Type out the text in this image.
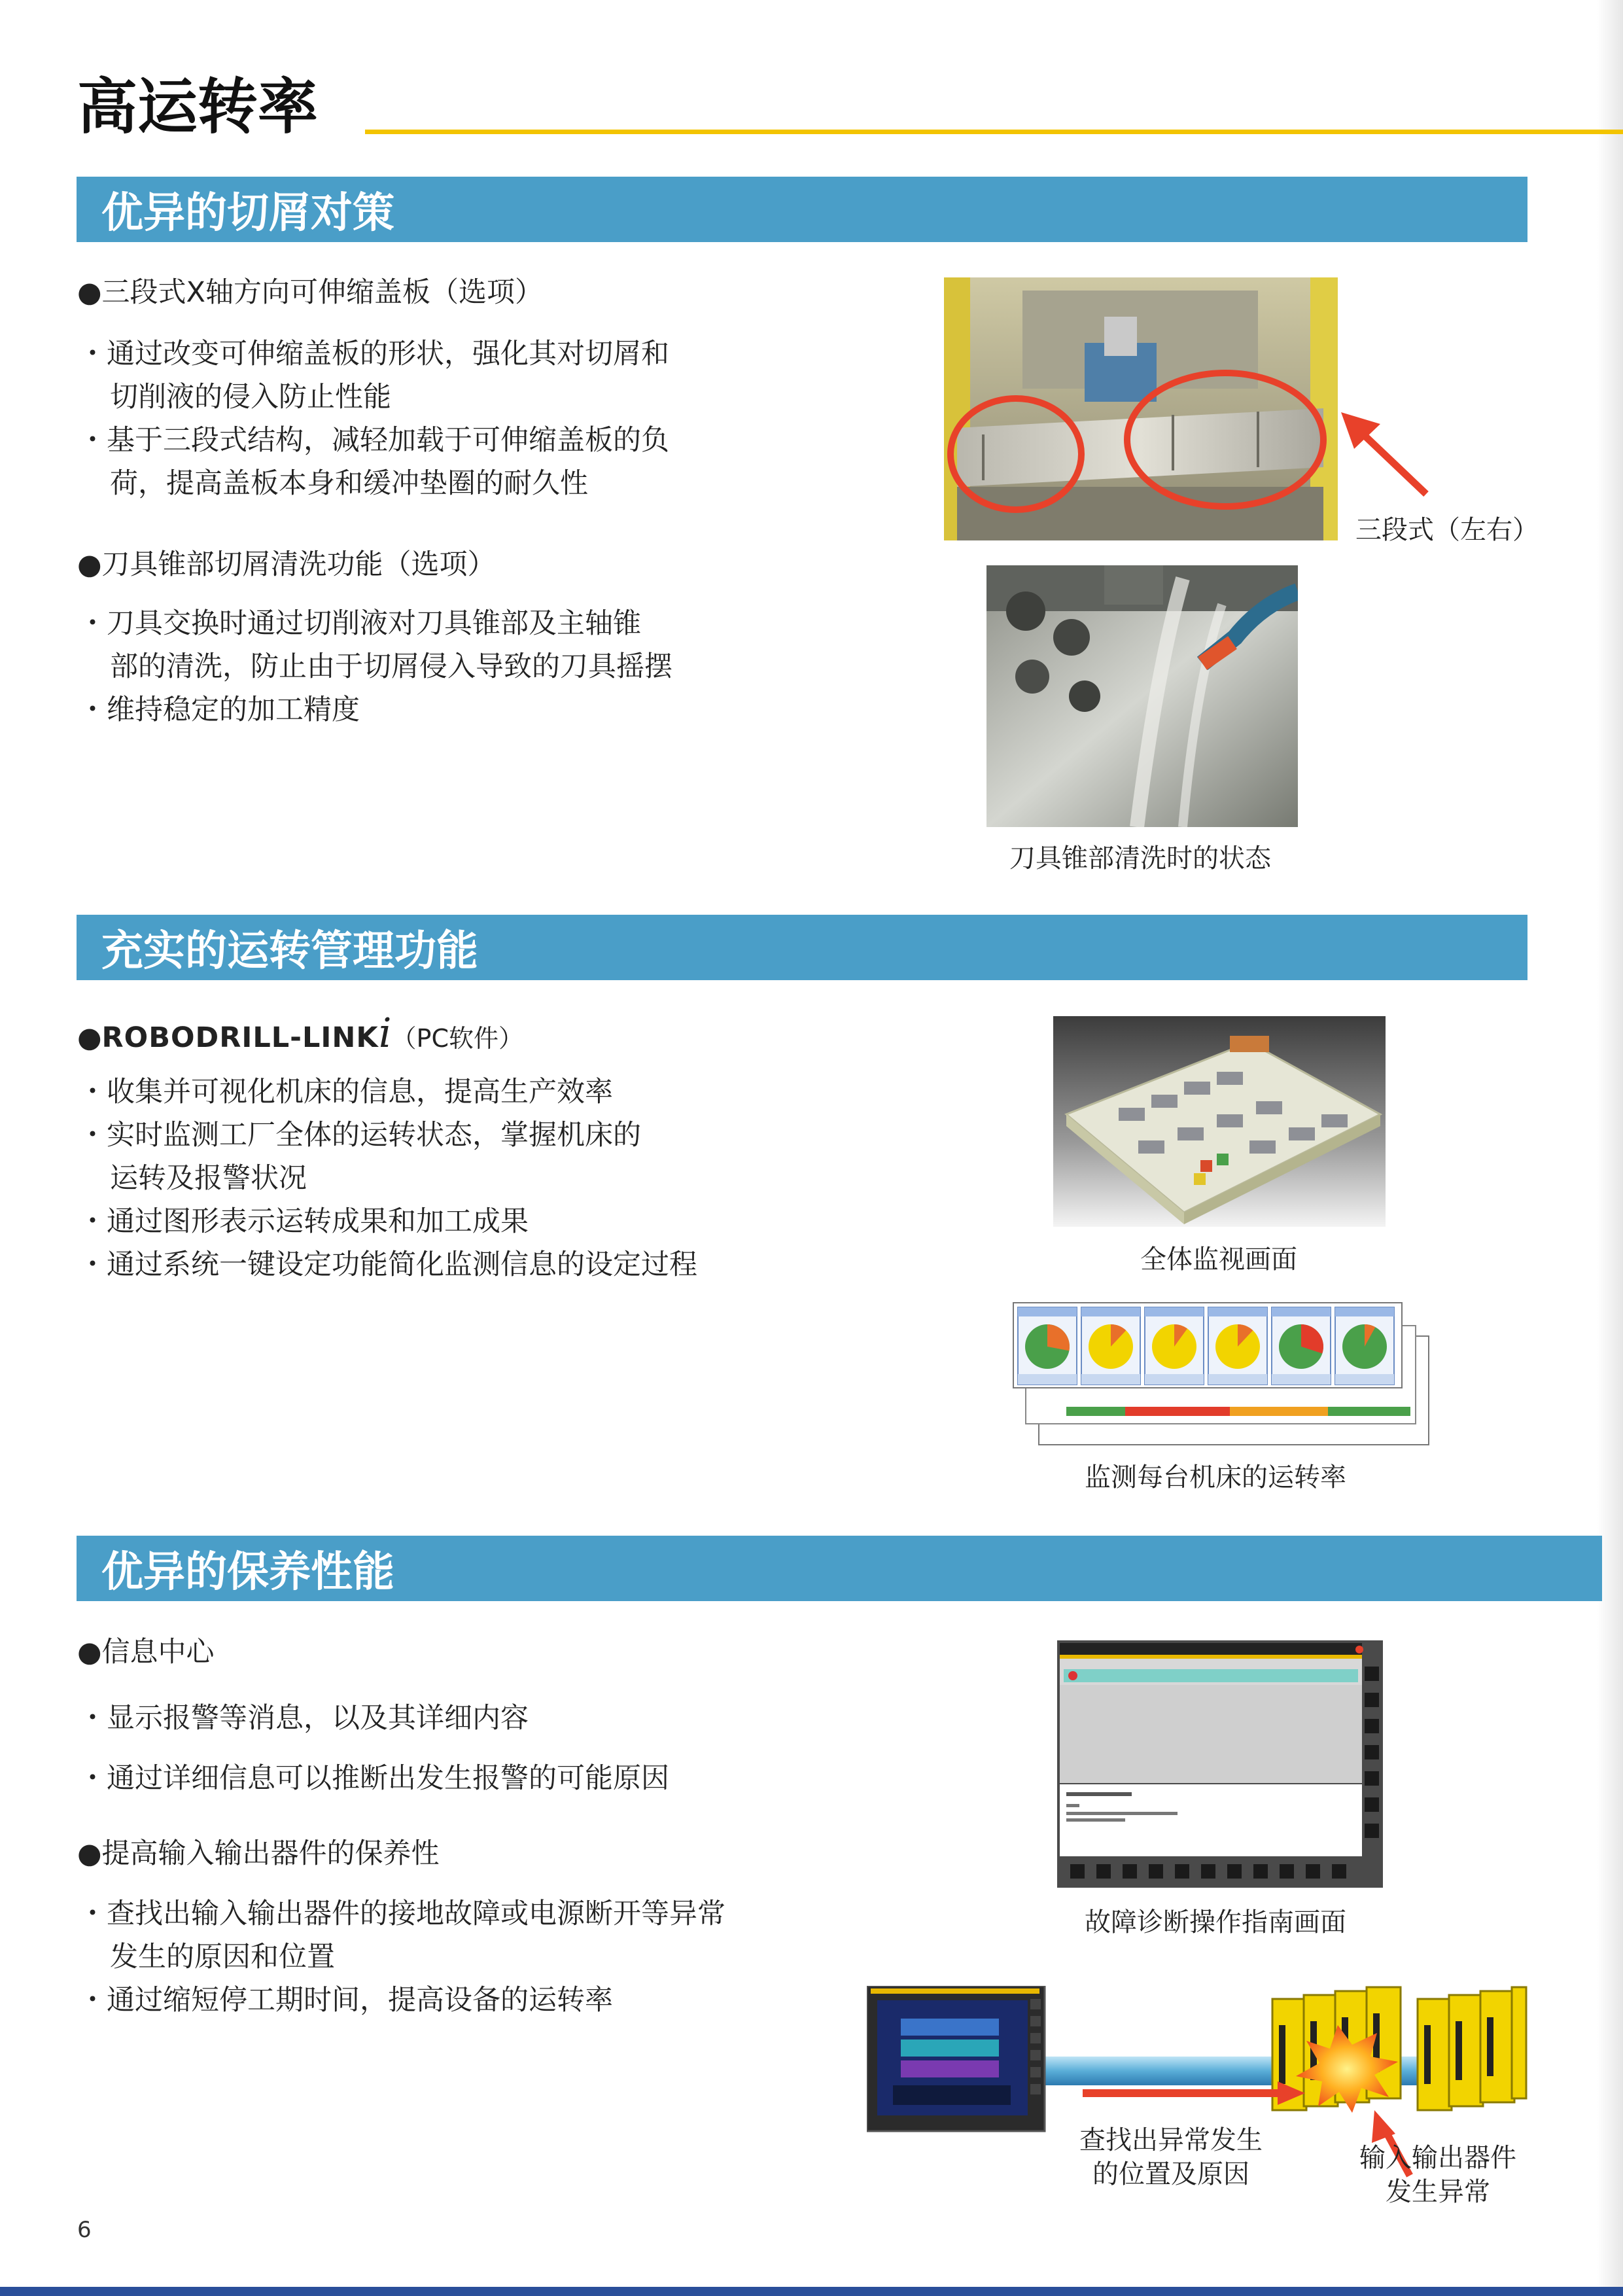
高运转率
优异的切屑对策
●三段式X轴方向可伸缩盖板（选项）
・通过改变可伸缩盖板的形状，强化其对切屑和
切削液的侵入防止性能
・基于三段式结构，减轻加载于可伸缩盖板的负
荷，提高盖板本身和缓冲垫圈的耐久性
三段式（左右）
●刀具锥部切屑清洗功能（选项）
・刀具交换时通过切削液对刀具锥部及主轴锥
部的清洗，防止由于切屑侵入导致的刀具摇摆
・维持稳定的加工精度
刀具锥部清洗时的状态
充实的运转管理功能
●ROBODRILL-LINKi（PC软件）
・收集并可视化机床的信息，提高生产效率
・实时监测工厂全体的运转状态，掌握机床的
运转及报警状况
・通过图形表示运转成果和加工成果
・通过系统一键设定功能简化监测信息的设定过程	全体监视画面
监测每台机床的运转率
优异的保养性能
●信息中心
・显示报警等消息，以及其详细内容
・通过详细信息可以推断出发生报警的可能原因
故障诊断操作指南画面
●提高输入输出器件的保养性
・查找出输入输出器件的接地故障或电源断开等异常
发生的原因和位置
・通过缩短停工期时间，提高设备的运转率
查找出异常发生
的位置及原因
输入输出器件
发生异常
6
